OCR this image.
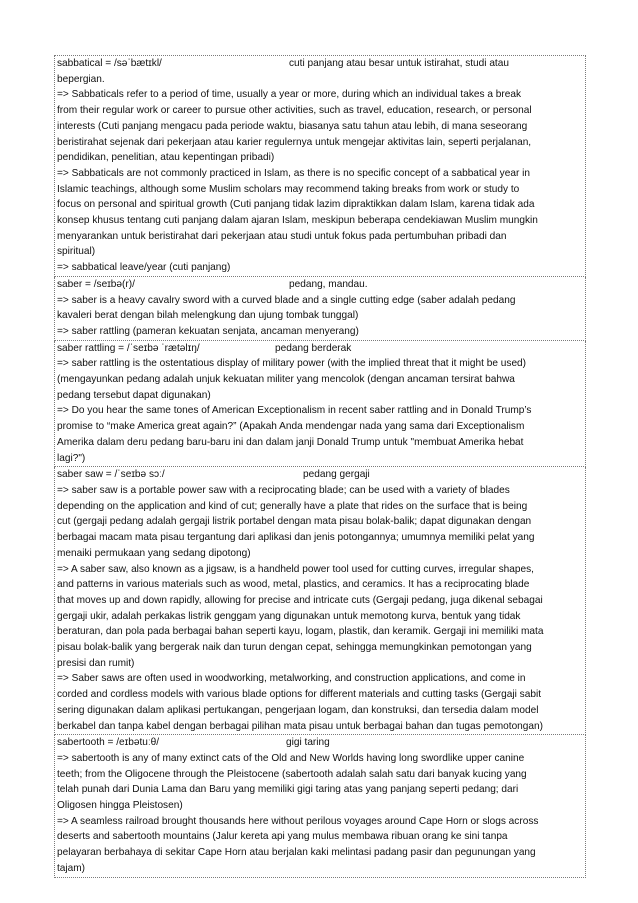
sabbatical = /səˈbætɪkl/	cuti panjang atau besar untuk istirahat, studi atau
bepergian.
=> Sabbaticals refer to a period of time, usually a year or more, during which an individual takes a break
from their regular work or career to pursue other activities, such as travel, education, research, or personal
interests (Cuti panjang mengacu pada periode waktu, biasanya satu tahun atau lebih, di mana seseorang
beristirahat sejenak dari pekerjaan atau karier regulernya untuk mengejar aktivitas lain, seperti perjalanan,
pendidikan, penelitian, atau kepentingan pribadi)
=> Sabbaticals are not commonly practiced in Islam, as there is no specific concept of a sabbatical year in
Islamic teachings, although some Muslim scholars may recommend taking breaks from work or study to
focus on personal and spiritual growth (Cuti panjang tidak lazim dipraktikkan dalam Islam, karena tidak ada
konsep khusus tentang cuti panjang dalam ajaran Islam, meskipun beberapa cendekiawan Muslim mungkin
menyarankan untuk beristirahat dari pekerjaan atau studi untuk fokus pada pertumbuhan pribadi dan
spiritual)
=> sabbatical leave/year (cuti panjang)
saber = /seɪbə(r)/	pedang, mandau.
=> saber is a heavy cavalry sword with a curved blade and a single cutting edge (saber adalah pedang
kavaleri berat dengan bilah melengkung dan ujung tombak tunggal)
=> saber rattling (pameran kekuatan senjata, ancaman menyerang)
saber rattling = /ˈseɪbə ˈrætəlɪŋ/	pedang berderak
=> saber rattling is the ostentatious display of military power (with the implied threat that it might be used)
(mengayunkan pedang adalah unjuk kekuatan militer yang mencolok (dengan ancaman tersirat bahwa
pedang tersebut dapat digunakan)
=> Do you hear the same tones of American Exceptionalism in recent saber rattling and in Donald Trump’s
promise to “make America great again?” (Apakah Anda mendengar nada yang sama dari Exceptionalism
Amerika dalam deru pedang baru-baru ini dan dalam janji Donald Trump untuk "membuat Amerika hebat
lagi?")
saber saw = /ˈseɪbə sɔː/	pedang gergaji
=> saber saw is a portable power saw with a reciprocating blade; can be used with a variety of blades
depending on the application and kind of cut; generally have a plate that rides on the surface that is being
cut (gergaji pedang adalah gergaji listrik portabel dengan mata pisau bolak-balik; dapat digunakan dengan
berbagai macam mata pisau tergantung dari aplikasi dan jenis potongannya; umumnya memiliki pelat yang
menaiki permukaan yang sedang dipotong)
=> A saber saw, also known as a jigsaw, is a handheld power tool used for cutting curves, irregular shapes,
and patterns in various materials such as wood, metal, plastics, and ceramics. It has a reciprocating blade
that moves up and down rapidly, allowing for precise and intricate cuts (Gergaji pedang, juga dikenal sebagai
gergaji ukir, adalah perkakas listrik genggam yang digunakan untuk memotong kurva, bentuk yang tidak
beraturan, dan pola pada berbagai bahan seperti kayu, logam, plastik, dan keramik. Gergaji ini memiliki mata
pisau bolak-balik yang bergerak naik dan turun dengan cepat, sehingga memungkinkan pemotongan yang
presisi dan rumit)
=> Saber saws are often used in woodworking, metalworking, and construction applications, and come in
corded and cordless models with various blade options for different materials and cutting tasks (Gergaji sabit
sering digunakan dalam aplikasi pertukangan, pengerjaan logam, dan konstruksi, dan tersedia dalam model
berkabel dan tanpa kabel dengan berbagai pilihan mata pisau untuk berbagai bahan dan tugas pemotongan)
sabertooth = /eɪbətuːθ/	gigi taring
=> sabertooth is any of many extinct cats of the Old and New Worlds having long swordlike upper canine
teeth; from the Oligocene through the Pleistocene (sabertooth adalah salah satu dari banyak kucing yang
telah punah dari Dunia Lama dan Baru yang memiliki gigi taring atas yang panjang seperti pedang; dari
Oligosen hingga Pleistosen)
=> A seamless railroad brought thousands here without perilous voyages around Cape Horn or slogs across
deserts and sabertooth mountains (Jalur kereta api yang mulus membawa ribuan orang ke sini tanpa
pelayaran berbahaya di sekitar Cape Horn atau berjalan kaki melintasi padang pasir dan pegunungan yang
tajam)
